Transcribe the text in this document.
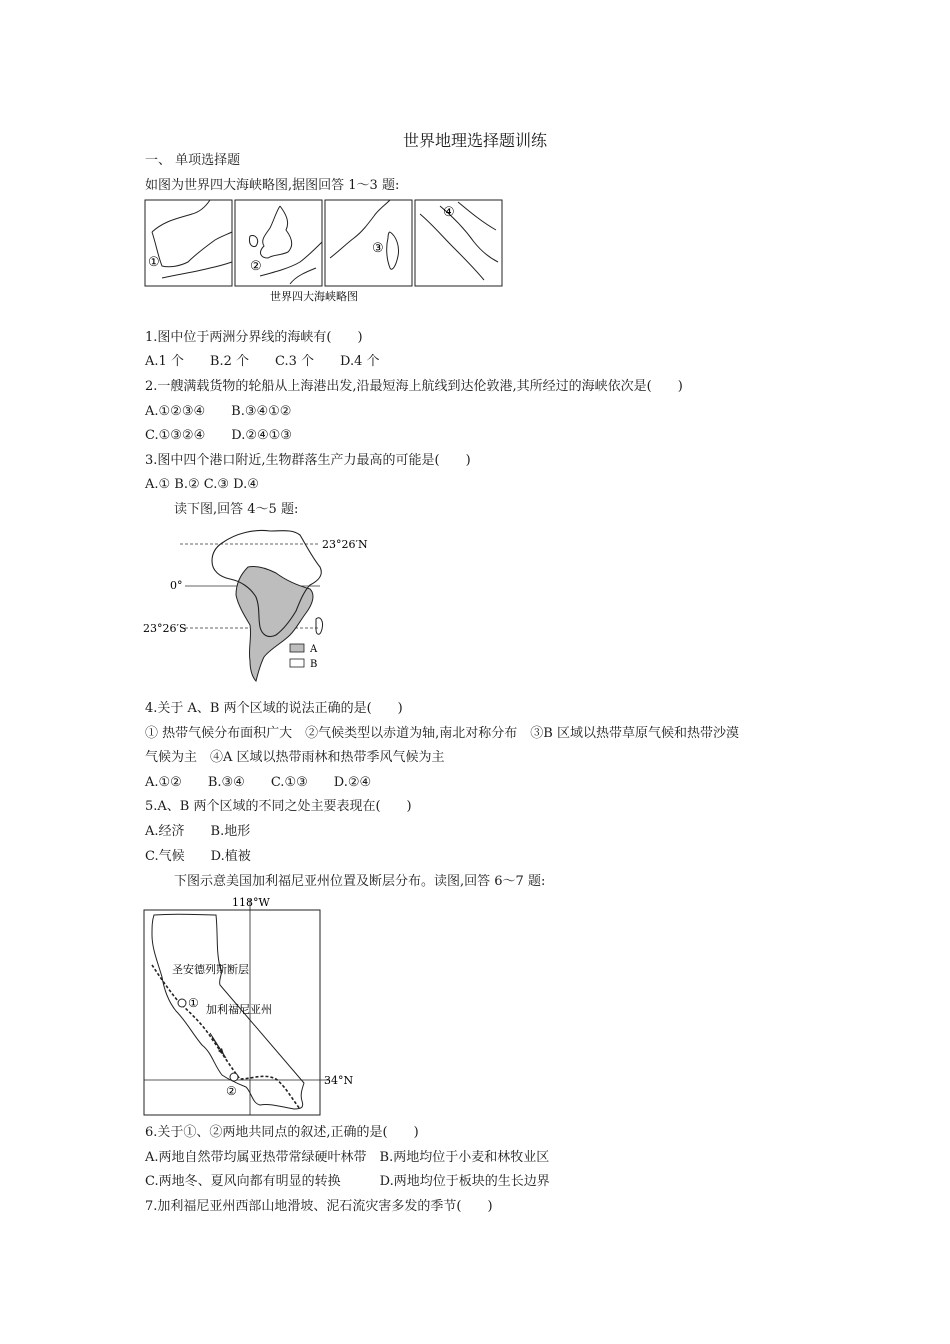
世界地理选择题训练
一、 单项选择题
如图为世界四大海峡略图,据图回答 1～3 题:
①	②
③
④
世界四大海峡略图
1.图中位于两洲分界线的海峡有(　　)
A.1 个　　B.2 个　　C.3 个　　D.4 个
2.一艘满载货物的轮船从上海港出发,沿最短海上航线到达伦敦港,其所经过的海峡依次是(　　)
A.①②③④　　B.③④①②
C.①③②④　　D.②④①③
3.图中四个港口附近,生物群落生产力最高的可能是(　　)
A.① B.② C.③ D.④
读下图,回答 4～5 题:
23°26′N
0°
23°26′S
A
B
4.关于 A、B 两个区域的说法正确的是(　　)
① 热带气候分布面积广大　②气候类型以赤道为轴,南北对称分布　③B 区域以热带草原气候和热带沙漠
气候为主　④A 区域以热带雨林和热带季风气候为主
A.①②　　B.③④　　C.①③　　D.②④
5.A、B 两个区域的不同之处主要表现在(　　)
A.经济　　B.地形
C.气候　　D.植被
下图示意美国加利福尼亚州位置及断层分布。读图,回答 6～7 题:
①
②
118°W
34°N
圣安德列斯断层
加利福尼亚州
6.关于①、②两地共同点的叙述,正确的是(　　)
A.两地自然带均属亚热带常绿硬叶林带　B.两地均位于小麦和林牧业区
C.两地冬、夏风向都有明显的转换　　　D.两地均位于板块的生长边界
7.加利福尼亚州西部山地滑坡、泥石流灾害多发的季节(　　)
